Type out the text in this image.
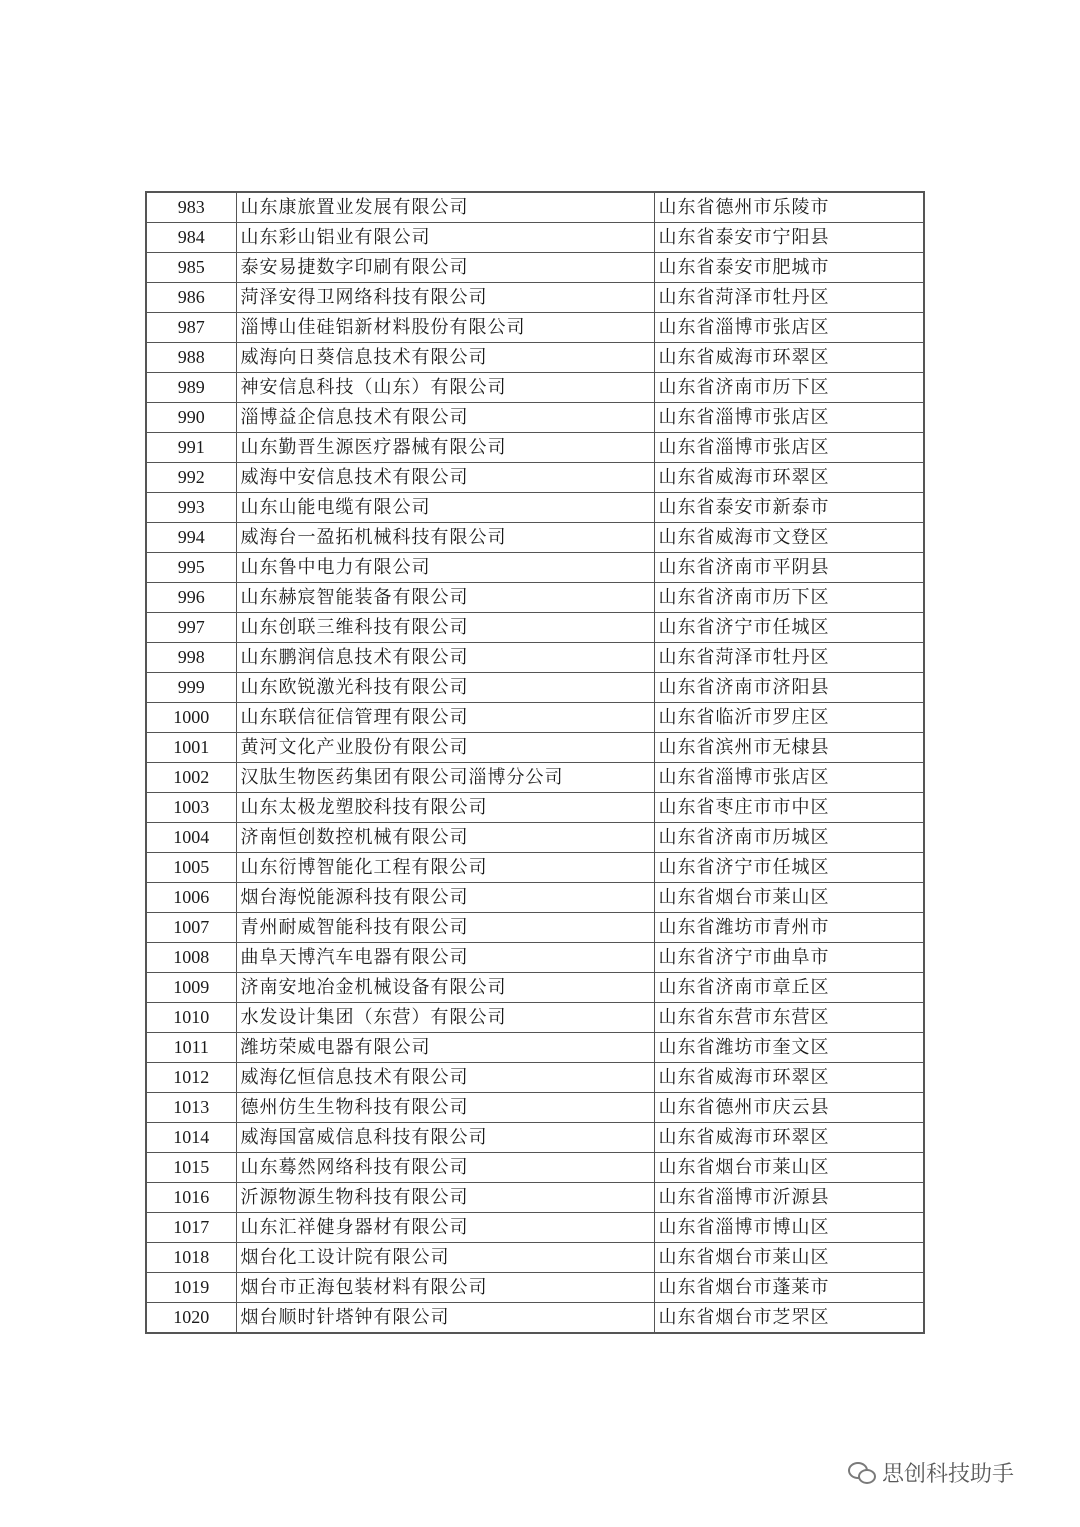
983	山东康旅置业发展有限公司	山东省德州市乐陵市
984	山东彩山铝业有限公司	山东省泰安市宁阳县
985	泰安易捷数字印刷有限公司	山东省泰安市肥城市
986	菏泽安得卫网络科技有限公司	山东省菏泽市牡丹区
987	淄博山佳硅铝新材料股份有限公司	山东省淄博市张店区
988	威海向日葵信息技术有限公司	山东省威海市环翠区
989	神安信息科技（山东）有限公司	山东省济南市历下区
990	淄博益企信息技术有限公司	山东省淄博市张店区
991	山东勤晋生源医疗器械有限公司	山东省淄博市张店区
992	威海中安信息技术有限公司	山东省威海市环翠区
993	山东山能电缆有限公司	山东省泰安市新泰市
994	威海台一盈拓机械科技有限公司	山东省威海市文登区
995	山东鲁中电力有限公司	山东省济南市平阴县
996	山东赫宸智能装备有限公司	山东省济南市历下区
997	山东创联三维科技有限公司	山东省济宁市任城区
998	山东鹏润信息技术有限公司	山东省菏泽市牡丹区
999	山东欧锐激光科技有限公司	山东省济南市济阳县
1000	山东联信征信管理有限公司	山东省临沂市罗庄区
1001	黄河文化产业股份有限公司	山东省滨州市无棣县
1002	汉肽生物医药集团有限公司淄博分公司	山东省淄博市张店区
1003	山东太极龙塑胶科技有限公司	山东省枣庄市市中区
1004	济南恒创数控机械有限公司	山东省济南市历城区
1005	山东衍博智能化工程有限公司	山东省济宁市任城区
1006	烟台海悦能源科技有限公司	山东省烟台市莱山区
1007	青州耐威智能科技有限公司	山东省潍坊市青州市
1008	曲阜天博汽车电器有限公司	山东省济宁市曲阜市
1009	济南安地冶金机械设备有限公司	山东省济南市章丘区
1010	水发设计集团（东营）有限公司	山东省东营市东营区
1011	潍坊荣威电器有限公司	山东省潍坊市奎文区
1012	威海亿恒信息技术有限公司	山东省威海市环翠区
1013	德州仿生生物科技有限公司	山东省德州市庆云县
1014	威海国富威信息科技有限公司	山东省威海市环翠区
1015	山东蓦然网络科技有限公司	山东省烟台市莱山区
1016	沂源物源生物科技有限公司	山东省淄博市沂源县
1017	山东汇祥健身器材有限公司	山东省淄博市博山区
1018	烟台化工设计院有限公司	山东省烟台市莱山区
1019	烟台市正海包装材料有限公司	山东省烟台市蓬莱市
1020	烟台顺时针塔钟有限公司	山东省烟台市芝罘区
思创科技助手
